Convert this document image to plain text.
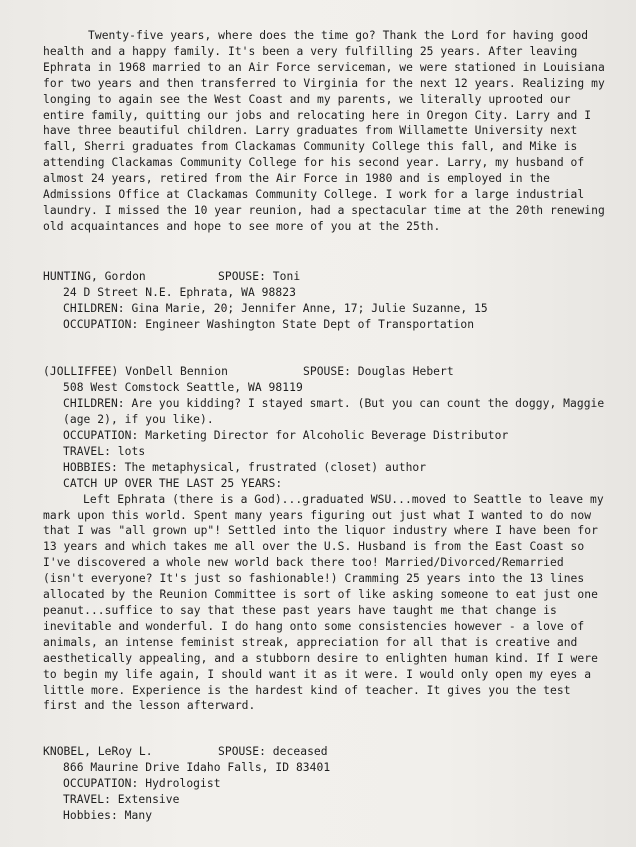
Twenty-five years, where does the time go? Thank the Lord for having good health and a happy family. It's been a very fulfilling 25 years. After leaving Ephrata in 1968 married to an Air Force serviceman, we were stationed in Louisiana for two years and then transferred to Virginia for the next 12 years. Realizing my longing to again see the West Coast and my parents, we literally uprooted our entire family, quitting our jobs and relocating here in Oregon City. Larry and I have three beautiful children. Larry graduates from Willamette University next fall, Sherri graduates from Clackamas Community College this fall, and Mike is attending Clackamas Community College for his second year. Larry, my husband of almost 24 years, retired from the Air Force in 1980 and is employed in the Admissions Office at Clackamas Community College. I work for a large industrial laundry. I missed the 10 year reunion, had a spectacular time at the 20th renewing old acquaintances and hope to see more of you at the 25th.

HUNTING, Gordon	SPOUSE: Toni
24 D Street N.E. Ephrata, WA 98823
CHILDREN: Gina Marie, 20; Jennifer Anne, 17; Julie Suzanne, 15
OCCUPATION: Engineer Washington State Dept of Transportation
(JOLLIFFEE) VonDell Bennion	SPOUSE: Douglas Hebert
508 West Comstock Seattle, WA 98119
CHILDREN: Are you kidding? I stayed smart. (But you can count the doggy, Maggie (age 2), if you like).
OCCUPATION: Marketing Director for Alcoholic Beverage Distributor
TRAVEL: lots
HOBBIES: The metaphysical, frustrated (closet) author
CATCH UP OVER THE LAST 25 YEARS:

Left Ephrata (there is a God)...graduated WSU...moved to Seattle to leave my mark upon this world. Spent many years figuring out just what I wanted to do now that I was "all grown up"! Settled into the liquor industry where I have been for 13 years and which takes me all over the U.S. Husband is from the East Coast so I've discovered a whole new world back there too! Married/Divorced/Remarried (isn't everyone? It's just so fashionable!) Cramming 25 years into the 13 lines allocated by the Reunion Committee is sort of like asking someone to eat just one peanut...suffice to say that these past years have taught me that change is inevitable and wonderful. I do hang onto some consistencies however - a love of animals, an intense feminist streak, appreciation for all that is creative and aesthetically appealing, and a stubborn desire to enlighten human kind. If I were to begin my life again, I should want it as it were. I would only open my eyes a little more. Experience is the hardest kind of teacher. It gives you the test first and the lesson afterward.

KNOBEL, LeRoy L.	SPOUSE: deceased
866 Maurine Drive Idaho Falls, ID 83401
OCCUPATION: Hydrologist
TRAVEL: Extensive
Hobbies: Many
